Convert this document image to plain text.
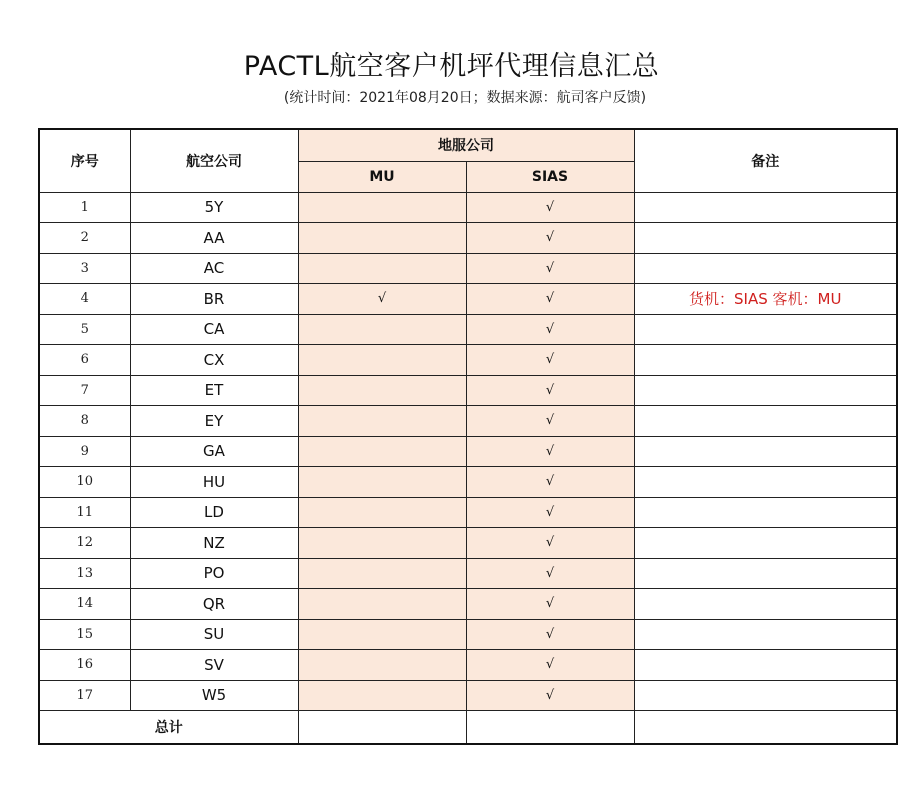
PACTL航空客户机坪代理信息汇总
(统计时间：2021年08月20日；数据来源：航司客户反馈)
序号	航空公司	地服公司		备注
		MU	SIAS	
1	5Y		√	
2	AA		√	
3	AC		√	
4	BR	√	√	货机：SIAS 客机：MU
5	CA		√	
6	CX		√	
7	ET		√	
8	EY		√	
9	GA		√	
10	HU		√	
11	LD		√	
12	NZ		√	
13	PO		√	
14	QR		√	
15	SU		√	
16	SV		√	
17	W5		√	
总计				
